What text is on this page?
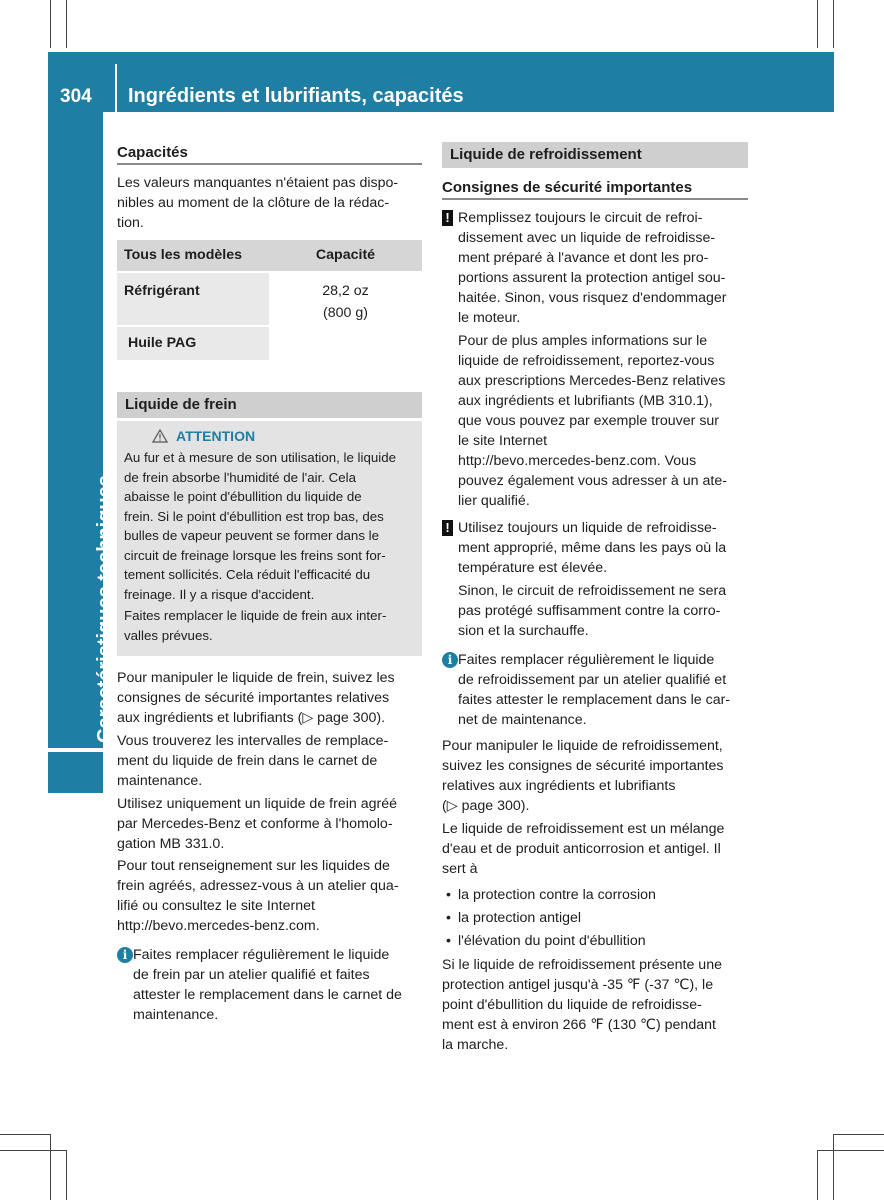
304 Ingrédients et lubrifiants, capacités
Caractéristiques techniques
Capacités
Les valeurs manquantes n'étaient pas dispo-
nibles au moment de la clôture de la rédac-
tion.
Tous les modèles	Capacité

Réfrigérant	28,2 oz
(800 g)

Huile PAG	
Liquide de frein
ATTENTION
Au fur et à mesure de son utilisation, le liquide
de frein absorbe l'humidité de l'air. Cela
abaisse le point d'ébullition du liquide de
frein. Si le point d'ébullition est trop bas, des
bulles de vapeur peuvent se former dans le
circuit de freinage lorsque les freins sont for-
tement sollicités. Cela réduit l'efficacité du
freinage. Il y a risque d'accident.
Faites remplacer le liquide de frein aux inter-
valles prévues.
Pour manipuler le liquide de frein, suivez les
consignes de sécurité importantes relatives
aux ingrédients et lubrifiants (▷ page 300).
Vous trouverez les intervalles de remplace-
ment du liquide de frein dans le carnet de
maintenance.
Utilisez uniquement un liquide de frein agréé
par Mercedes-Benz et conforme à l'homolo-
gation MB 331.0.
Pour tout renseignement sur les liquides de
frein agréés, adressez-vous à un atelier qua-
lifié ou consultez le site Internet
http://bevo.mercedes-benz.com.
i Faites remplacer régulièrement le liquide
de frein par un atelier qualifié et faites
attester le remplacement dans le carnet de
maintenance.
Liquide de refroidissement
Consignes de sécurité importantes
! Remplissez toujours le circuit de refroi-
dissement avec un liquide de refroidisse-
ment préparé à l'avance et dont les pro-
portions assurent la protection antigel sou-
haitée. Sinon, vous risquez d'endommager
le moteur.
Pour de plus amples informations sur le
liquide de refroidissement, reportez-vous
aux prescriptions Mercedes-Benz relatives
aux ingrédients et lubrifiants (MB 310.1),
que vous pouvez par exemple trouver sur
le site Internet
http://bevo.mercedes-benz.com. Vous
pouvez également vous adresser à un ate-
lier qualifié.
! Utilisez toujours un liquide de refroidisse-
ment approprié, même dans les pays où la
température est élevée.
Sinon, le circuit de refroidissement ne sera
pas protégé suffisamment contre la corro-
sion et la surchauffe.
i Faites remplacer régulièrement le liquide
de refroidissement par un atelier qualifié et
faites attester le remplacement dans le car-
net de maintenance.
Pour manipuler le liquide de refroidissement,
suivez les consignes de sécurité importantes
relatives aux ingrédients et lubrifiants
(▷ page 300).
Le liquide de refroidissement est un mélange
d'eau et de produit anticorrosion et antigel. Il
sert à
• la protection contre la corrosion
• la protection antigel
• l'élévation du point d'ébullition
Si le liquide de refroidissement présente une
protection antigel jusqu'à -35 ℉ (-37 ℃), le
point d'ébullition du liquide de refroidisse-
ment est à environ 266 ℉ (130 ℃) pendant
la marche.
